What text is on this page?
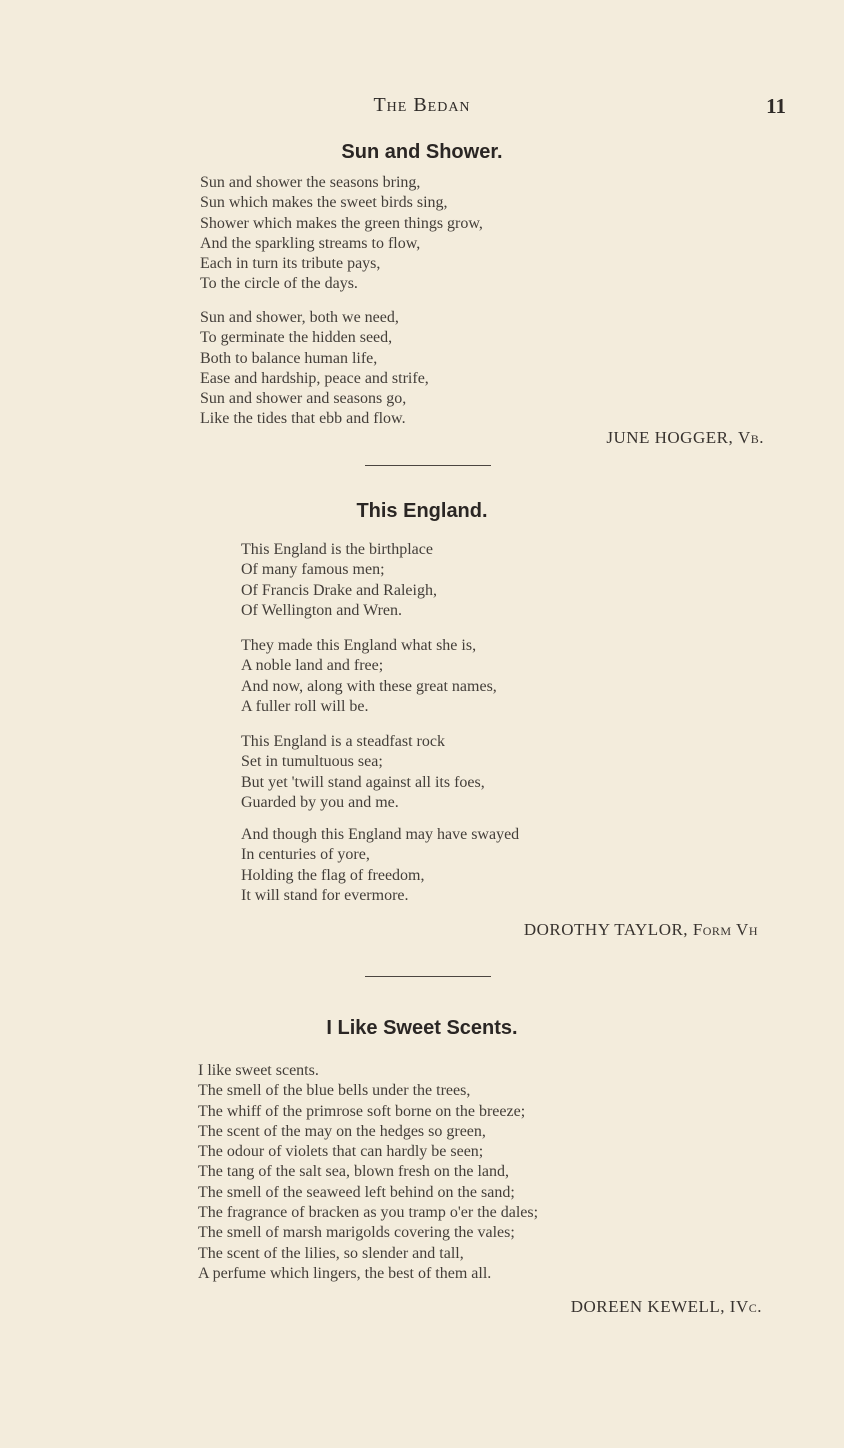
The Bedan	11
Sun and Shower.
Sun and shower the seasons bring,
Sun which makes the sweet birds sing,
Shower which makes the green things grow,
And the sparkling streams to flow,
Each in turn its tribute pays,
To the circle of the days.
Sun and shower, both we need,
To germinate the hidden seed,
Both to balance human life,
Ease and hardship, peace and strife,
Sun and shower and seasons go,
Like the tides that ebb and flow.
JUNE HOGGER, Vb.
This England.
This England is the birthplace
Of many famous men;
Of Francis Drake and Raleigh,
Of Wellington and Wren.
They made this England what she is,
A noble land and free;
And now, along with these great names,
A fuller roll will be.
This England is a steadfast rock
Set in tumultuous sea;
But yet 'twill stand against all its foes,
Guarded by you and me.
And though this England may have swayed
In centuries of yore,
Holding the flag of freedom,
It will stand for evermore.
DOROTHY TAYLOR, Form Vh
I Like Sweet Scents.
I like sweet scents.
The smell of the blue bells under the trees,
The whiff of the primrose soft borne on the breeze;
The scent of the may on the hedges so green,
The odour of violets that can hardly be seen;
The tang of the salt sea, blown fresh on the land,
The smell of the seaweed left behind on the sand;
The fragrance of bracken as you tramp o'er the dales;
The smell of marsh marigolds covering the vales;
The scent of the lilies, so slender and tall,
A perfume which lingers, the best of them all.
DOREEN KEWELL, IVc.
